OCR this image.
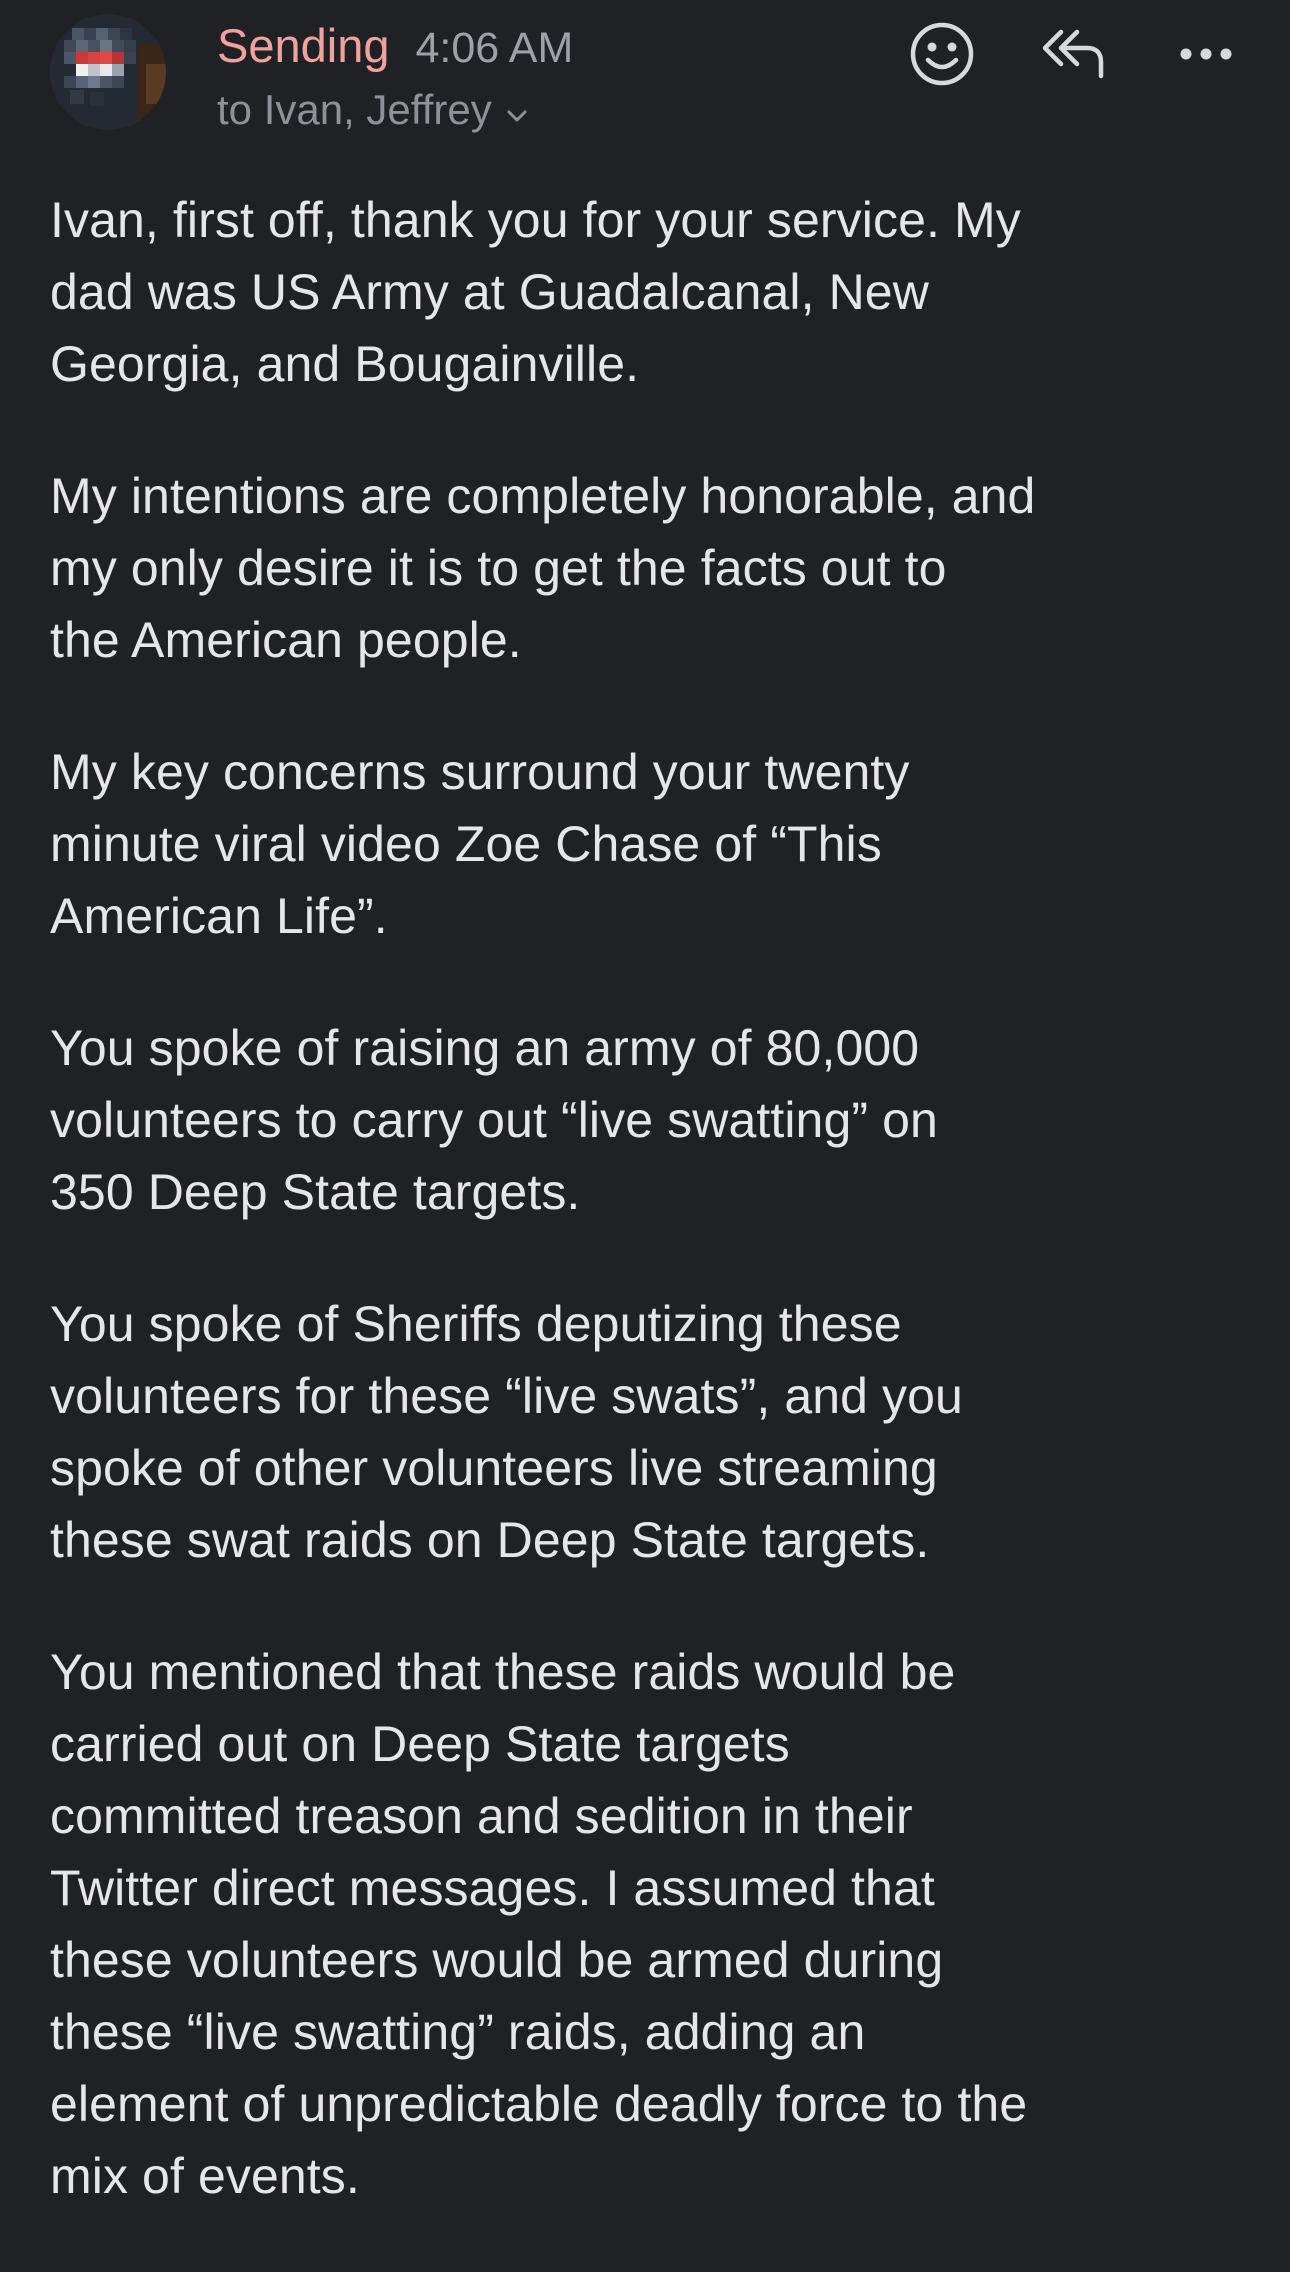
Sending 4:06 AM
to Ivan, Jeffrey

Ivan, first off, thank you for your service. My
dad was US Army at Guadalcanal, New
Georgia, and Bougainville.

My intentions are completely honorable, and
my only desire it is to get the facts out to
the American people.

My key concerns surround your twenty
minute viral video Zoe Chase of “This
American Life”.

You spoke of raising an army of 80,000
volunteers to carry out “live swatting” on
350 Deep State targets.

You spoke of Sheriffs deputizing these
volunteers for these “live swats”, and you
spoke of other volunteers live streaming
these swat raids on Deep State targets.

You mentioned that these raids would be
carried out on Deep State targets
committed treason and sedition in their
Twitter direct messages. I assumed that
these volunteers would be armed during
these “live swatting” raids, adding an
element of unpredictable deadly force to the
mix of events.
